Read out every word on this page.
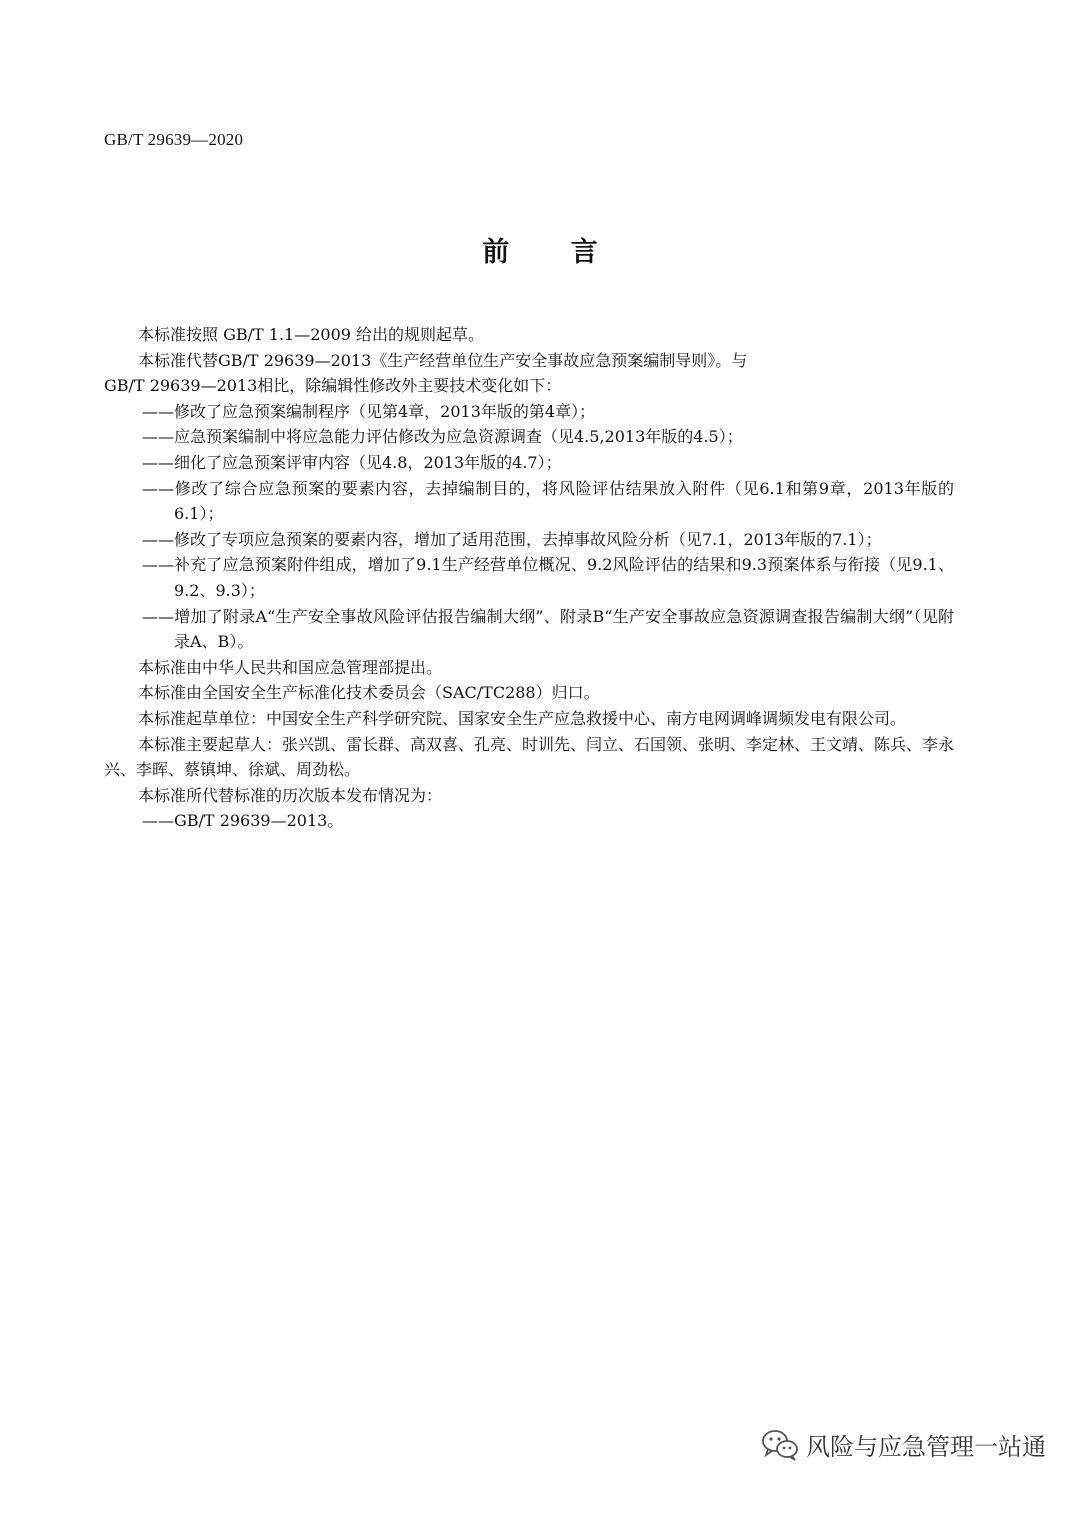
GB/T 29639—2020
前 言

本标准按照 GB/T 1.1—2009 给出的规则起草。

本标准代替GB/T 29639—2013《生产经营单位生产安全事故应急预案编制导则》。与

GB/T 29639—2013相比，除编辑性修改外主要技术变化如下：

——修改了应急预案编制程序（见第4章，2013年版的第4章）；

——应急预案编制中将应急能力评估修改为应急资源调查（见4.5,2013年版的4.5）；

——细化了应急预案评审内容（见4.8，2013年版的4.7）；

——修改了综合应急预案的要素内容，去掉编制目的，将风险评估结果放入附件（见6.1和第9章，2013年版的6.1）；

——修改了专项应急预案的要素内容，增加了适用范围，去掉事故风险分析（见7.1，2013年版的7.1）；

——补充了应急预案附件组成，增加了9.1生产经营单位概况、9.2风险评估的结果和9.3预案体系与衔接（见9.1、9.2、9.3）；

——增加了附录A“生产安全事故风险评估报告编制大纲”、附录B“生产安全事故应急资源调查报告编制大纲”（见附录A、B）。

本标准由中华人民共和国应急管理部提出。

本标准由全国安全生产标准化技术委员会（SAC/TC288）归口。

本标准起草单位：中国安全生产科学研究院、国家安全生产应急救援中心、南方电网调峰调频发电有限公司。

本标准主要起草人：张兴凯、雷长群、高双喜、孔亮、时训先、闫立、石国领、张明、李定林、王文靖、陈兵、李永兴、李晖、蔡镇坤、徐斌、周劲松。

本标准所代替标准的历次版本发布情况为：

——GB/T 29639—2013。

风险与应急管理一站通
